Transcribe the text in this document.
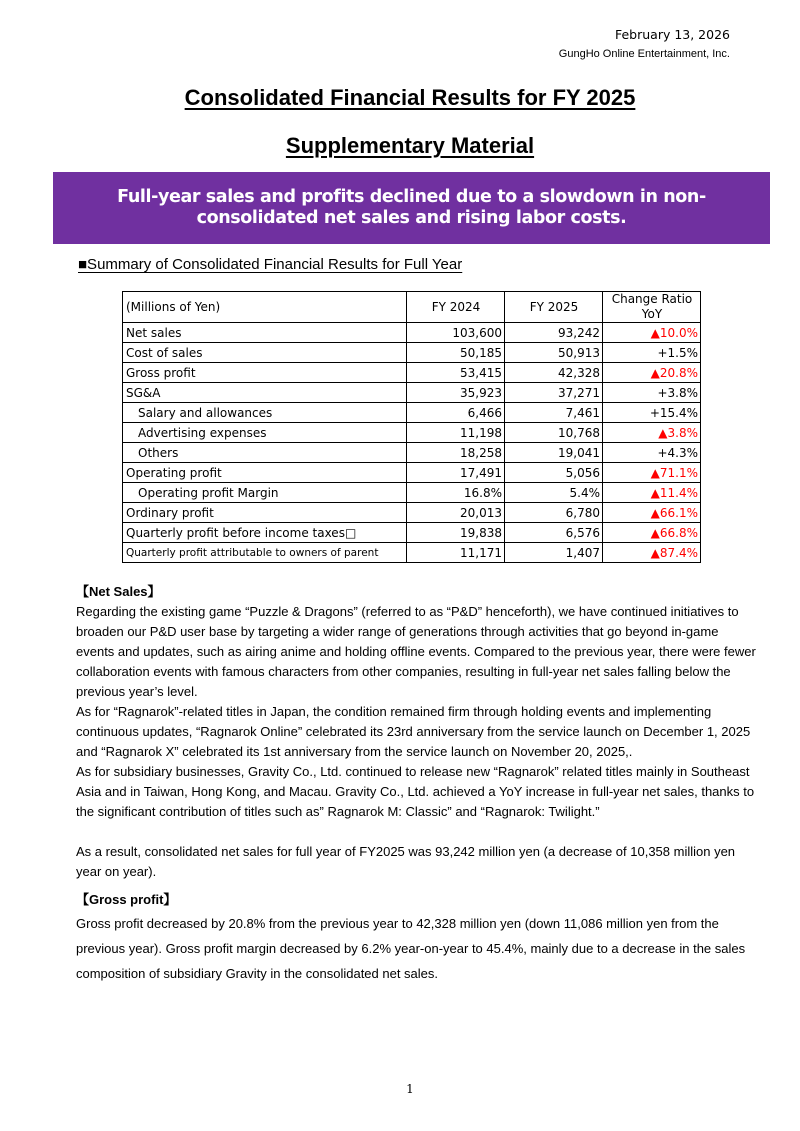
February 13, 2026
GungHo Online Entertainment, Inc.
Consolidated Financial Results for FY 2025
Supplementary Material
Full-year sales and profits declined due to a slowdown in non-consolidated net sales and rising labor costs.
■Summary of Consolidated Financial Results for Full Year
(Millions of Yen)	FY 2024	FY 2025	Change Ratio YoY
Net sales	103,600	93,242	▲10.0%
Cost of sales	50,185	50,913	+1.5%
Gross profit	53,415	42,328	▲20.8%
SG&A	35,923	37,271	+3.8%
Salary and allowances	6,466	7,461	+15.4%
Advertising expenses	11,198	10,768	▲3.8%
Others	18,258	19,041	+4.3%
Operating profit	17,491	5,056	▲71.1%
Operating profit Margin	16.8%	5.4%	▲11.4%
Ordinary profit	20,013	6,780	▲66.1%
Quarterly profit before income taxes□	19,838	6,576	▲66.8%
Quarterly profit attributable to owners of parent	11,171	1,407	▲87.4%
【Net Sales】
Regarding the existing game “Puzzle & Dragons” (referred to as “P&D” henceforth), we have continued initiatives to broaden our P&D user base by targeting a wider range of generations through activities that go beyond in-game events and updates, such as airing anime and holding offline events. Compared to the previous year, there were fewer collaboration events with famous characters from other companies, resulting in full-year net sales falling below the previous year’s level.
As for “Ragnarok”-related titles in Japan, the condition remained firm through holding events and implementing continuous updates, “Ragnarok Online” celebrated its 23rd anniversary from the service launch on December 1, 2025 and “Ragnarok X” celebrated its 1st anniversary from the service launch on November 20, 2025,.
As for subsidiary businesses, Gravity Co., Ltd. continued to release new “Ragnarok” related titles mainly in Southeast Asia and in Taiwan, Hong Kong, and Macau. Gravity Co., Ltd. achieved a YoY increase in full-year net sales, thanks to the significant contribution of titles such as” Ragnarok M: Classic” and “Ragnarok: Twilight.”
As a result, consolidated net sales for full year of FY2025 was 93,242 million yen (a decrease of 10,358 million yen year on year).
【Gross profit】
Gross profit decreased by 20.8% from the previous year to 42,328 million yen (down 11,086 million yen from the previous year). Gross profit margin decreased by 6.2% year-on-year to 45.4%, mainly due to a decrease in the sales composition of subsidiary Gravity in the consolidated net sales.
1
